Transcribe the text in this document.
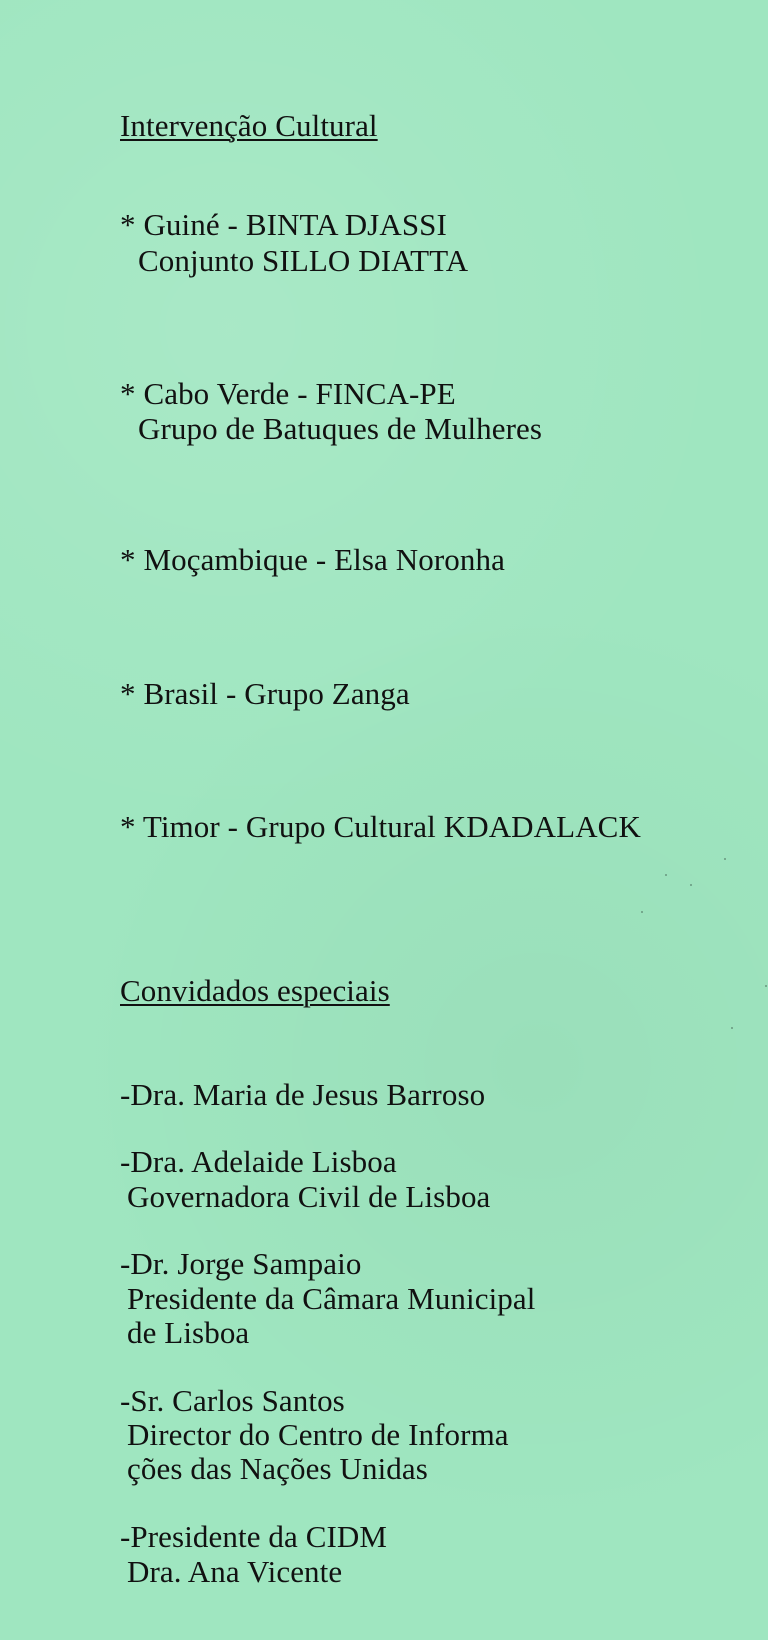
Intervenção Cultural
* Guiné - BINTA DJASSI
Conjunto SILLO DIATTA
* Cabo Verde - FINCA-PE
Grupo de Batuques de Mulheres
* Moçambique - Elsa Noronha
* Brasil - Grupo Zanga
* Timor - Grupo Cultural KDADALACK
Convidados especiais
-Dra. Maria de Jesus Barroso
-Dra. Adelaide Lisboa
Governadora Civil de Lisboa
-Dr. Jorge Sampaio
Presidente da Câmara Municipal
de Lisboa
-Sr. Carlos Santos
Director do Centro de Informa
ções das Nações Unidas
-Presidente da CIDM
Dra. Ana Vicente
